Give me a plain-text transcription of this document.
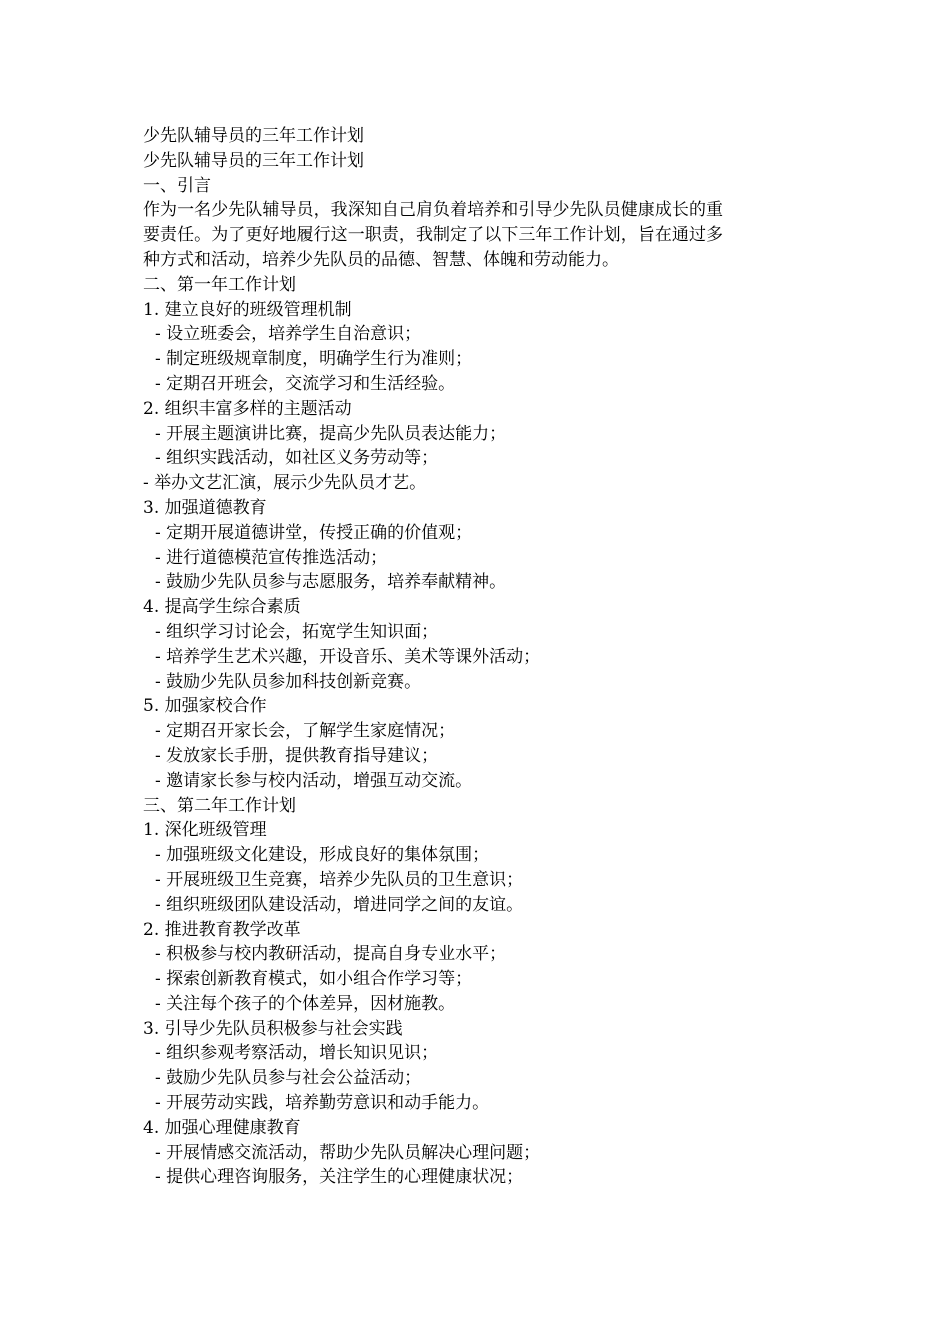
少先队辅导员的三年工作计划
少先队辅导员的三年工作计划
一、引言
作为一名少先队辅导员，我深知自己肩负着培养和引导少先队员健康成长的重要责任。为了更好地履行这一职责，我制定了以下三年工作计划，旨在通过多种方式和活动，培养少先队员的品德、智慧、体魄和劳动能力。
二、第一年工作计划
1. 建立良好的班级管理机制
- 设立班委会，培养学生自治意识；
- 制定班级规章制度，明确学生行为准则；
- 定期召开班会，交流学习和生活经验。
2. 组织丰富多样的主题活动
- 开展主题演讲比赛，提高少先队员表达能力；
- 组织实践活动，如社区义务劳动等；
- 举办文艺汇演，展示少先队员才艺。
3. 加强道德教育
- 定期开展道德讲堂，传授正确的价值观；
- 进行道德模范宣传推选活动；
- 鼓励少先队员参与志愿服务，培养奉献精神。
4. 提高学生综合素质
- 组织学习讨论会，拓宽学生知识面；
- 培养学生艺术兴趣，开设音乐、美术等课外活动；
- 鼓励少先队员参加科技创新竞赛。
5. 加强家校合作
- 定期召开家长会，了解学生家庭情况；
- 发放家长手册，提供教育指导建议；
- 邀请家长参与校内活动，增强互动交流。
三、第二年工作计划
1. 深化班级管理
- 加强班级文化建设，形成良好的集体氛围；
- 开展班级卫生竞赛，培养少先队员的卫生意识；
- 组织班级团队建设活动，增进同学之间的友谊。
2. 推进教育教学改革
- 积极参与校内教研活动，提高自身专业水平；
- 探索创新教育模式，如小组合作学习等；
- 关注每个孩子的个体差异，因材施教。
3. 引导少先队员积极参与社会实践
- 组织参观考察活动，增长知识见识；
- 鼓励少先队员参与社会公益活动；
- 开展劳动实践，培养勤劳意识和动手能力。
4. 加强心理健康教育
- 开展情感交流活动，帮助少先队员解决心理问题；
- 提供心理咨询服务，关注学生的心理健康状况；
